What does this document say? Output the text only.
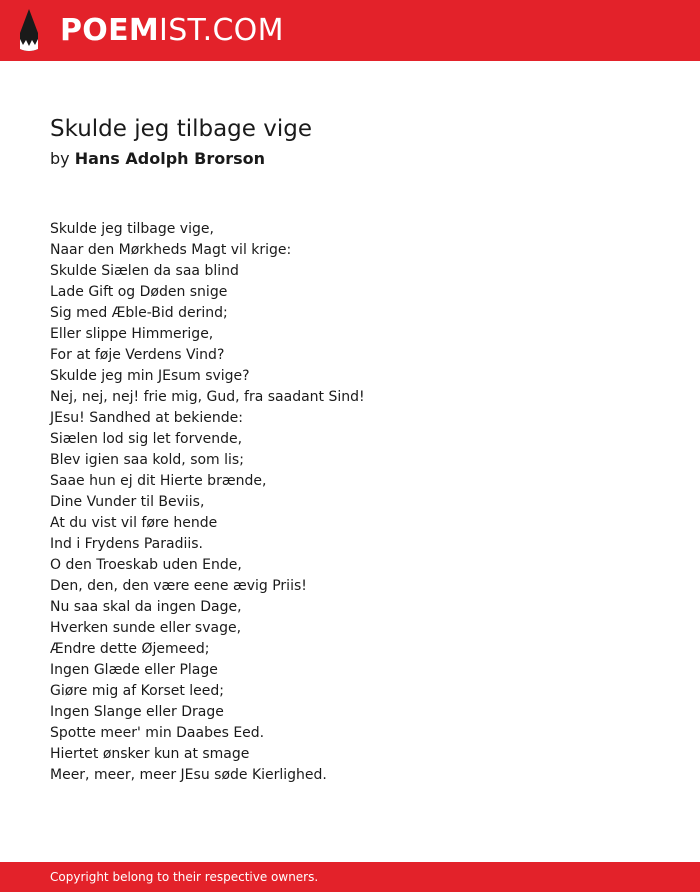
POEMIST.COM
Skulde jeg tilbage vige
by Hans Adolph Brorson
Skulde jeg tilbage vige,
Naar den Mørkheds Magt vil krige:
Skulde Siælen da saa blind
Lade Gift og Døden snige
Sig med Æble-Bid derind;
Eller slippe Himmerige,
For at føje Verdens Vind?
Skulde jeg min JEsum svige?
Nej, nej, nej! frie mig, Gud, fra saadant Sind!
JEsu! Sandhed at bekiende:
Siælen lod sig let forvende,
Blev igien saa kold, som lis;
Saae hun ej dit Hierte brænde,
Dine Vunder til Beviis,
At du vist vil føre hende
Ind i Frydens Paradiis.
O den Troeskab uden Ende,
Den, den, den være eene ævig Priis!
Nu saa skal da ingen Dage,
Hverken sunde eller svage,
Ændre dette Øjemeed;
Ingen Glæde eller Plage
Giøre mig af Korset leed;
Ingen Slange eller Drage
Spotte meer' min Daabes Eed.
Hiertet ønsker kun at smage
Meer, meer, meer JEsu søde Kierlighed.
Copyright belong to their respective owners.
